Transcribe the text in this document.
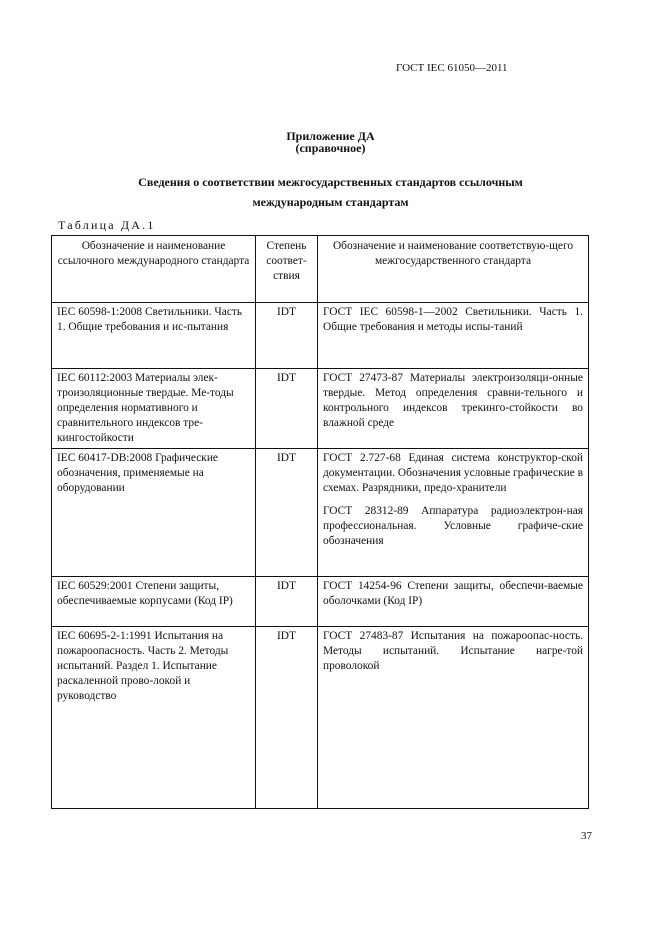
ГОСТ IEC 61050—2011
Приложение ДА
(справочное)
Сведения о соответствии межгосударственных стандартов ссылочным
международным стандартам
Таблица ДА.1
Обозначение и наименование ссылочного международного стандарта	Степень соответ-ствия	Обозначение и наименование соответствую-щего межгосударственного стандарта
IEC 60598-1:2008 Светильники. Часть 1. Общие требования и ис-пытания	IDT	ГОСТ IEC 60598-1—2002 Светильники. Часть 1. Общие требования и методы испы-таний
IEC 60112:2003 Материалы элек-троизоляционные твердые. Ме-тоды определения нормативного и сравнительного индексов тре-кингостойкости	IDT	ГОСТ 27473-87 Материалы электроизоляци-онные твердые. Метод определения сравни-тельного и контрольного индексов трекинго-стойкости во влажной среде
IEC 60417-DB:2008 Графические обозначения, применяемые на оборудовании	IDT	ГОСТ 2.727-68 Единая система конструктор-ской документации. Обозначения условные графические в схемах. Разрядники, предо-хранители
ГОСТ 28312-89 Аппаратура радиоэлектрон-ная профессиональная. Условные графиче-ские обозначения

IEC 60529:2001 Степени защиты, обеспечиваемые корпусами (Код IP)	IDT	ГОСТ 14254-96 Степени защиты, обеспечи-ваемые оболочками (Код IP)
IEC 60695-2-1:1991 Испытания на пожароопасность. Часть 2. Методы испытаний. Раздел 1. Испытание раскаленной прово-локой и руководство	IDT	ГОСТ 27483-87 Испытания на пожароопас-ность. Методы испытаний. Испытание нагре-той проволокой
37
